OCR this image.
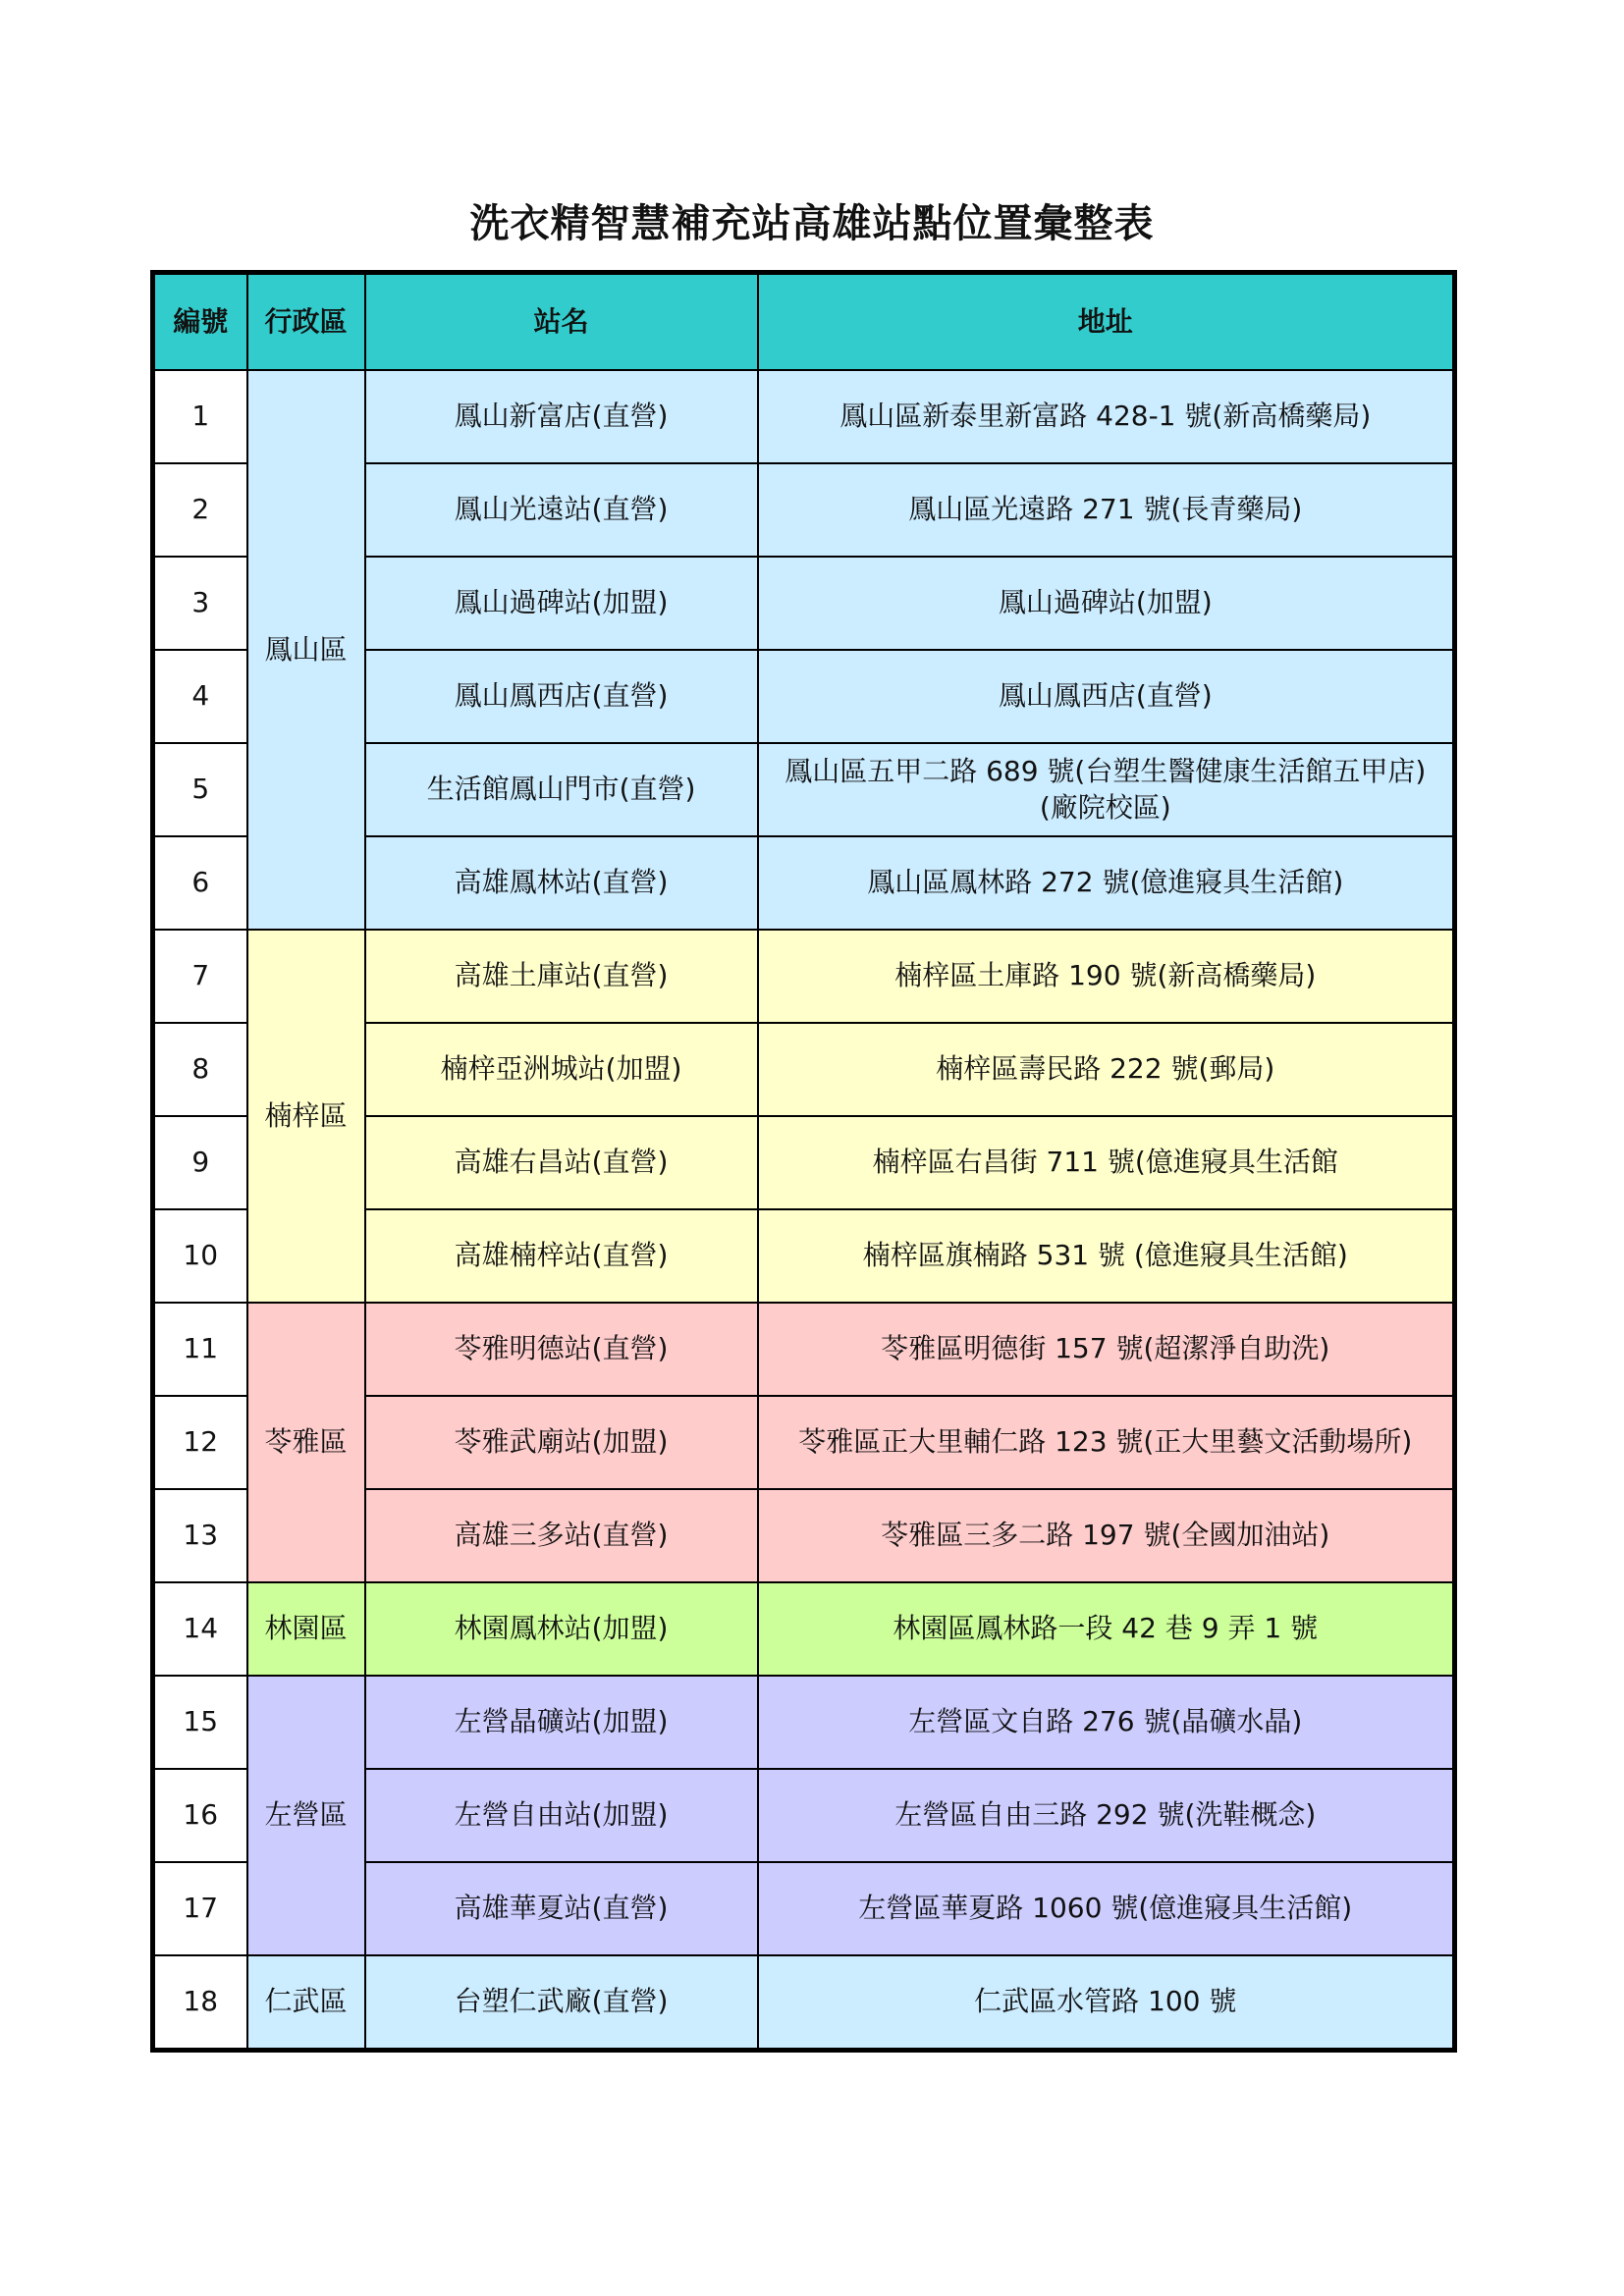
洗衣精智慧補充站高雄站點位置彙整表
編號	行政區	站名	地址
1	鳳山區	鳳山新富店(直營)	鳳山區新泰里新富路 428-1 號(新高橋藥局)
2		鳳山光遠站(直營)	鳳山區光遠路 271 號(長青藥局)
3		鳳山過碑站(加盟)	鳳山過碑站(加盟)
4		鳳山鳳西店(直營)	鳳山鳳西店(直營)
5		生活館鳳山門市(直營)	鳳山區五甲二路 689 號(台塑生醫健康生活館五甲店)(廠院校區)
6		高雄鳳林站(直營)	鳳山區鳳林路 272 號(億進寢具生活館)
7	楠梓區	高雄土庫站(直營)	楠梓區土庫路 190 號(新高橋藥局)
8		楠梓亞洲城站(加盟)	楠梓區壽民路 222 號(郵局)
9		高雄右昌站(直營)	楠梓區右昌街 711 號(億進寢具生活館
10		高雄楠梓站(直營)	楠梓區旗楠路 531 號 (億進寢具生活館)
11	苓雅區	苓雅明德站(直營)	苓雅區明德街 157 號(超潔淨自助洗)
12		苓雅武廟站(加盟)	苓雅區正大里輔仁路 123 號(正大里藝文活動場所)
13		高雄三多站(直營)	苓雅區三多二路 197 號(全國加油站)
14	林園區	林園鳳林站(加盟)	林園區鳳林路一段 42 巷 9 弄 1 號
15	左營區	左營晶礦站(加盟)	左營區文自路 276 號(晶礦水晶)
16		左營自由站(加盟)	左營區自由三路 292 號(洗鞋概念)
17		高雄華夏站(直營)	左營區華夏路 1060 號(億進寢具生活館)
18	仁武區	台塑仁武廠(直營)	仁武區水管路 100 號
